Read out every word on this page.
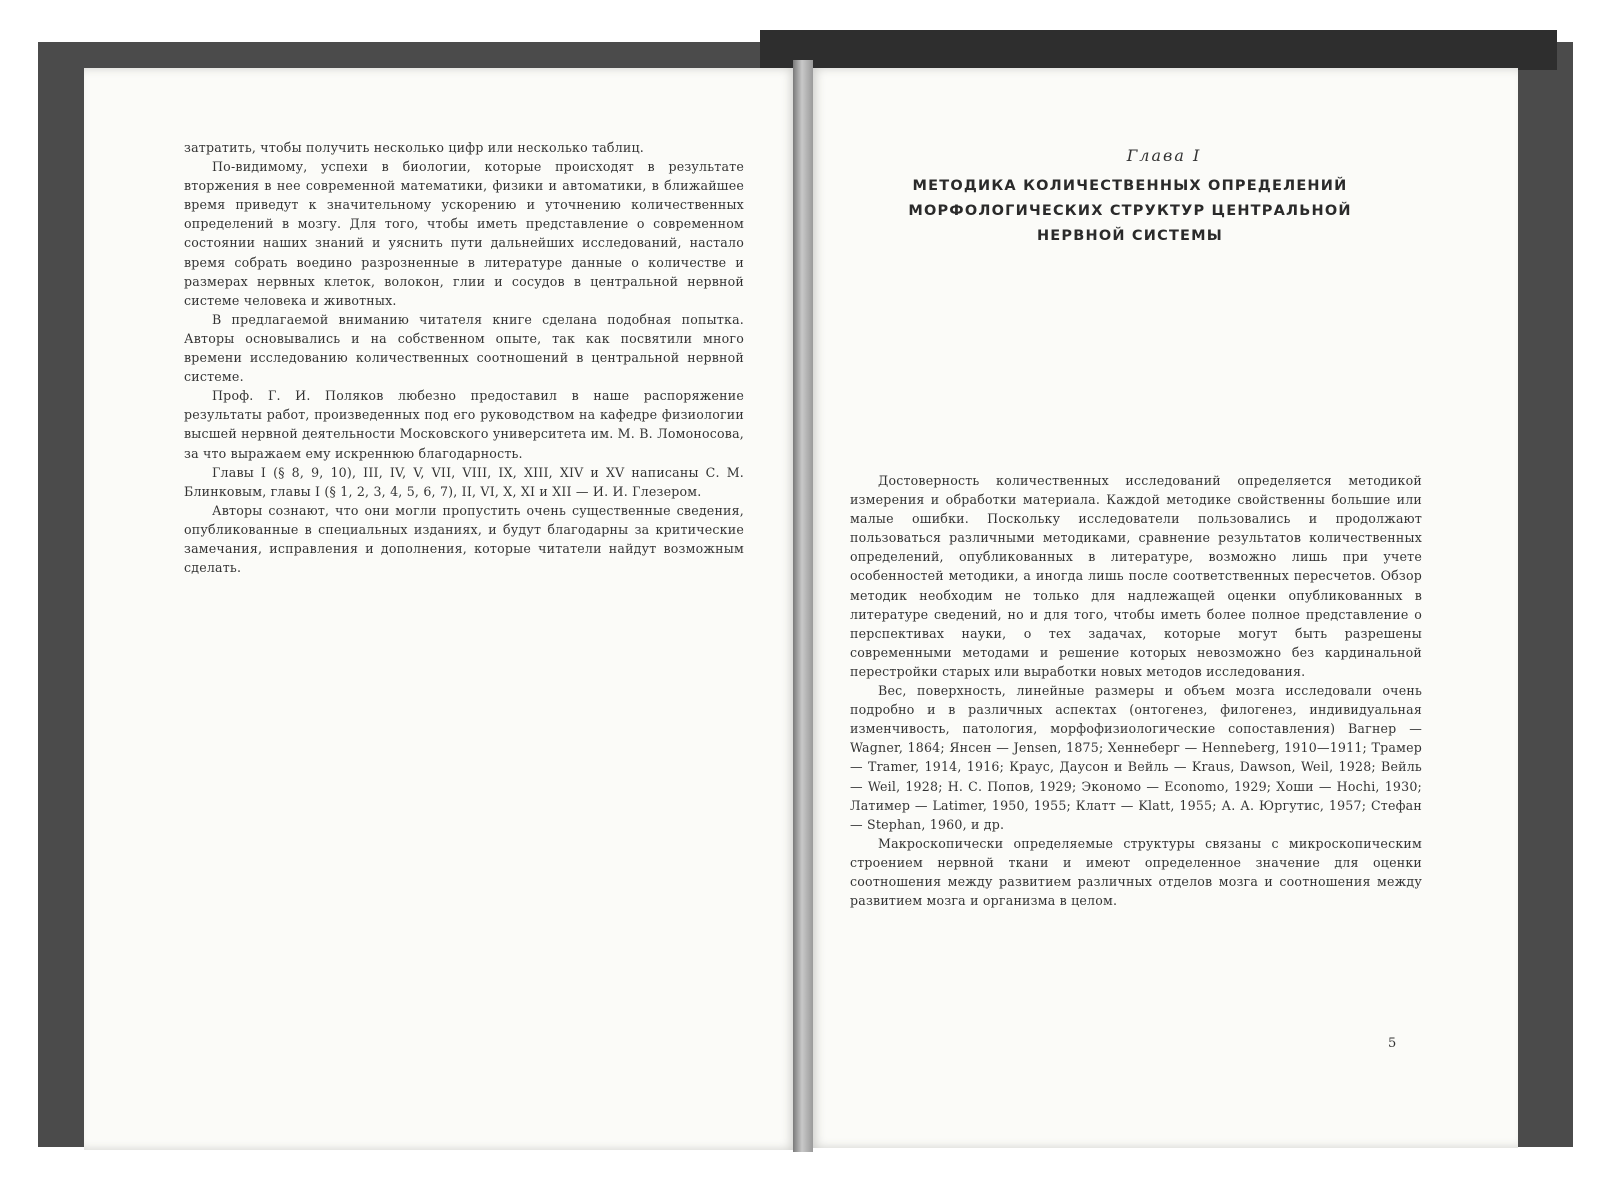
затратить, чтобы получить несколько цифр или несколько таблиц.

По-видимому, успехи в биологии, которые происходят в результате вторжения в нее современной математики, физики и автоматики, в ближайшее время приведут к значительному ускорению и уточнению количественных определений в мозгу. Для того, чтобы иметь представление о современном состоянии наших знаний и уяснить пути дальнейших исследований, настало время собрать воедино разрозненные в литературе данные о количестве и размерах нервных клеток, волокон, глии и сосудов в центральной нервной системе человека и животных.

В предлагаемой вниманию читателя книге сделана подобная попытка. Авторы основывались и на собственном опыте, так как посвятили много времени исследованию количественных соотношений в центральной нервной системе.

Проф. Г. И. Поляков любезно предоставил в наше распоряжение результаты работ, произведенных под его руководством на кафедре физиологии высшей нервной деятельности Московского университета им. М. В. Ломоносова, за что выражаем ему искреннюю благодарность.

Главы I (§ 8, 9, 10), III, IV, V, VII, VIII, IX, XIII, XIV и XV написаны С. М. Блинковым, главы I (§ 1, 2, 3, 4, 5, 6, 7), II, VI, X, XI и XII — И. И. Глезером.

Авторы сознают, что они могли пропустить очень существенные сведения, опубликованные в специальных изданиях, и будут благодарны за критические замечания, исправления и дополнения, которые читатели найдут возможным сделать.

Глава I
МЕТОДИКА КОЛИЧЕСТВЕННЫХ ОПРЕДЕЛЕНИЙ МОРФОЛОГИЧЕСКИХ СТРУКТУР ЦЕНТРАЛЬНОЙ НЕРВНОЙ СИСТЕМЫ

Достоверность количественных исследований определяется методикой измерения и обработки материала. Каждой методике свойственны большие или малые ошибки. Поскольку исследователи пользовались и продолжают пользоваться различными методиками, сравнение результатов количественных определений, опубликованных в литературе, возможно лишь при учете особенностей методики, а иногда лишь после соответственных пересчетов. Обзор методик необходим не только для надлежащей оценки опубликованных в литературе сведений, но и для того, чтобы иметь более полное представление о перспективах науки, о тех задачах, которые могут быть разрешены современными методами и решение которых невозможно без кардинальной перестройки старых или выработки новых методов исследования.

Вес, поверхность, линейные размеры и объем мозга исследовали очень подробно и в различных аспектах (онтогенез, филогенез, индивидуальная изменчивость, патология, морфофизиологические сопоставления) Вагнер — Wagner, 1864; Янсен — Jensen, 1875; Хеннеберг — Henneberg, 1910—1911; Трамер — Tramer, 1914, 1916; Краус, Даусон и Вейль — Kraus, Dawson, Weil, 1928; Вейль — Weil, 1928; Н. С. Попов, 1929; Экономо — Economo, 1929; Хоши — Hochi, 1930; Латимер — Latimer, 1950, 1955; Клатт — Klatt, 1955; А. А. Юргутис, 1957; Стефан — Stephan, 1960, и др.

Макроскопически определяемые структуры связаны с микроскопическим строением нервной ткани и имеют определенное значение для оценки соотношения между развитием различных отделов мозга и соотношения между развитием мозга и организма в целом.

5
